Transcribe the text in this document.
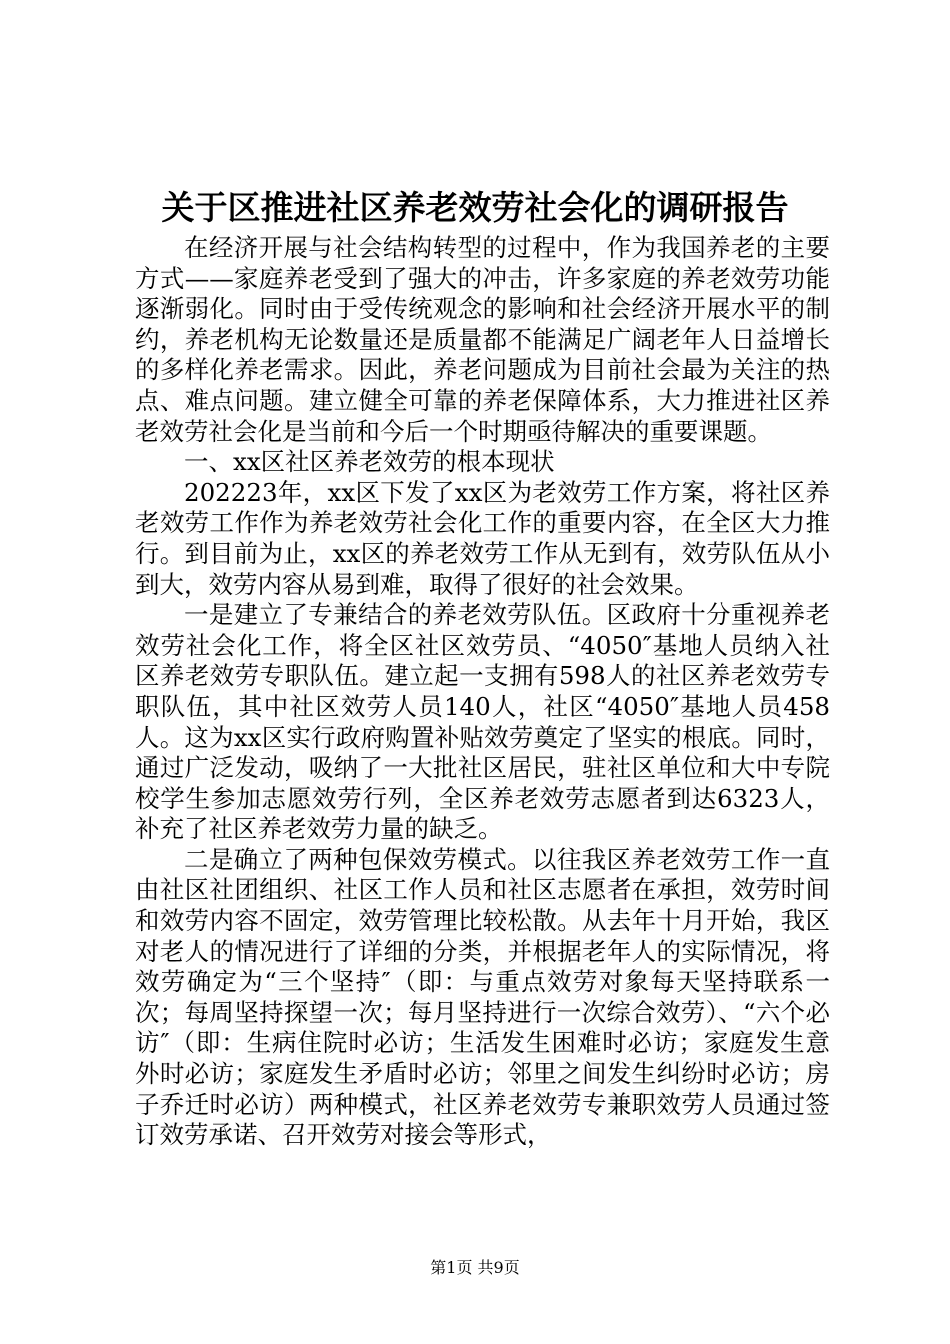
关于区推进社区养老效劳社会化的调研报告

在经济开展与社会结构转型的过程中，作为我国养老的主要方式——家庭养老受到了强大的冲击，许多家庭的养老效劳功能逐渐弱化。同时由于受传统观念的影响和社会经济开展水平的制约，养老机构无论数量还是质量都不能满足广阔老年人日益增长的多样化养老需求。因此，养老问题成为目前社会最为关注的热点、难点问题。建立健全可靠的养老保障体系，大力推进社区养老效劳社会化是当前和今后一个时期亟待解决的重要课题。

一、xx区社区养老效劳的根本现状

202223年，xx区下发了xx区为老效劳工作方案，将社区养老效劳工作作为养老效劳社会化工作的重要内容，在全区大力推行。到目前为止，xx区的养老效劳工作从无到有，效劳队伍从小到大，效劳内容从易到难，取得了很好的社会效果。

一是建立了专兼结合的养老效劳队伍。区政府十分重视养老效劳社会化工作，将全区社区效劳员、“4050″基地人员纳入社区养老效劳专职队伍。建立起一支拥有598人的社区养老效劳专职队伍，其中社区效劳人员140人，社区“4050″基地人员458人。这为xx区实行政府购置补贴效劳奠定了坚实的根底。同时，通过广泛发动，吸纳了一大批社区居民，驻社区单位和大中专院校学生参加志愿效劳行列，全区养老效劳志愿者到达6323人，补充了社区养老效劳力量的缺乏。

二是确立了两种包保效劳模式。以往我区养老效劳工作一直由社区社团组织、社区工作人员和社区志愿者在承担，效劳时间和效劳内容不固定，效劳管理比较松散。从去年十月开始，我区对老人的情况进行了详细的分类，并根据老年人的实际情况，将效劳确定为“三个坚持″（即：与重点效劳对象每天坚持联系一次；每周坚持探望一次；每月坚持进行一次综合效劳）、“六个必访″（即：生病住院时必访；生活发生困难时必访；家庭发生意外时必访；家庭发生矛盾时必访；邻里之间发生纠纷时必访；房子乔迁时必访）两种模式，社区养老效劳专兼职效劳人员通过签订效劳承诺、召开效劳对接会等形式，

第1页 共9页
